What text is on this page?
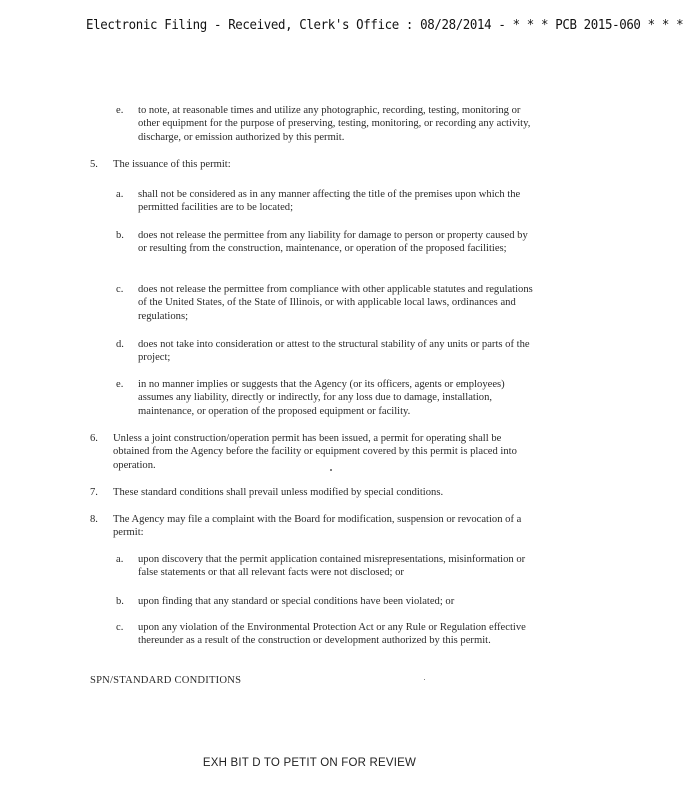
Electronic Filing - Received, Clerk's Office : 08/28/2014 - * * * PCB 2015-060 * * *
e. to note, at reasonable times and utilize any photographic, recording, testing, monitoring or other equipment for the purpose of preserving, testing, monitoring, or recording any activity, discharge, or emission authorized by this permit.
5. The issuance of this permit:
a. shall not be considered as in any manner affecting the title of the premises upon which the permitted facilities are to be located;
b. does not release the permittee from any liability for damage to person or property caused by or resulting from the construction, maintenance, or operation of the proposed facilities;
c. does not release the permittee from compliance with other applicable statutes and regulations of the United States, of the State of Illinois, or with applicable local laws, ordinances and regulations;
d. does not take into consideration or attest to the structural stability of any units or parts of the project;
e. in no manner implies or suggests that the Agency (or its officers, agents or employees) assumes any liability, directly or indirectly, for any loss due to damage, installation, maintenance, or operation of the proposed equipment or facility.
6. Unless a joint construction/operation permit has been issued, a permit for operating shall be obtained from the Agency before the facility or equipment covered by this permit is placed into operation.
7. These standard conditions shall prevail unless modified by special conditions.
8. The Agency may file a complaint with the Board for modification, suspension or revocation of a permit:
a. upon discovery that the permit application contained misrepresentations, misinformation or false statements or that all relevant facts were not disclosed; or
b. upon finding that any standard or special conditions have been violated; or
c. upon any violation of the Environmental Protection Act or any Rule or Regulation effective thereunder as a result of the construction or development authorized by this permit.
SPN/STANDARD CONDITIONS
EXH BIT D TO PETIT ON FOR REVIEW
